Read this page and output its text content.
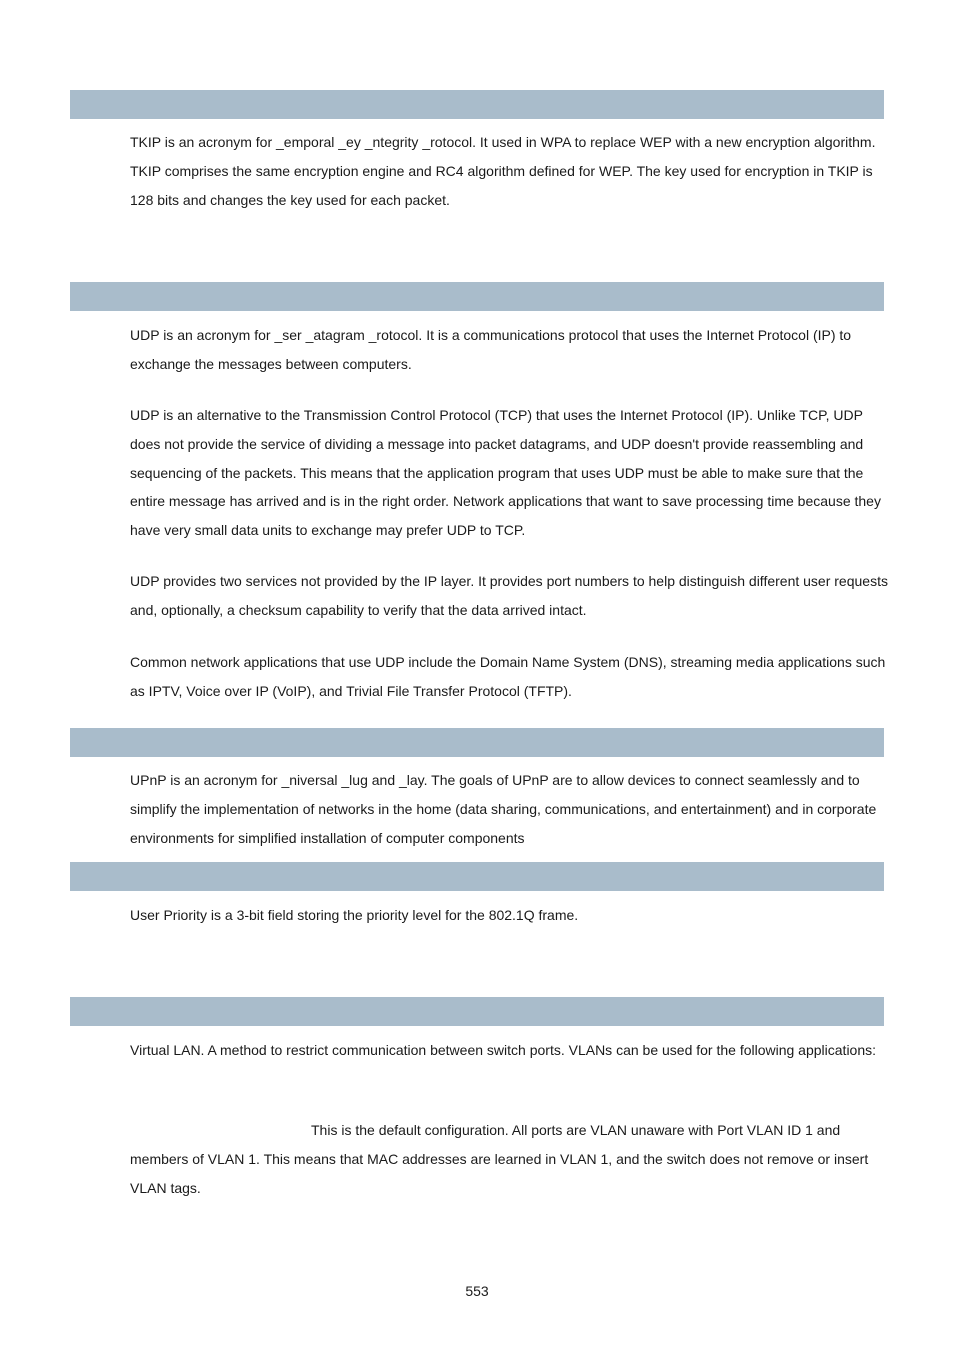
TKIP is an acronym for _emporal _ey _ntegrity _rotocol. It used in WPA to replace WEP with a new encryption algorithm. TKIP comprises the same encryption engine and RC4 algorithm defined for WEP. The key used for encryption in TKIP is 128 bits and changes the key used for each packet.

UDP is an acronym for _ser _atagram _rotocol. It is a communications protocol that uses the Internet Protocol (IP) to exchange the messages between computers.

UDP is an alternative to the Transmission Control Protocol (TCP) that uses the Internet Protocol (IP). Unlike TCP, UDP does not provide the service of dividing a message into packet datagrams, and UDP doesn't provide reassembling and sequencing of the packets. This means that the application program that uses UDP must be able to make sure that the entire message has arrived and is in the right order. Network applications that want to save processing time because they have very small data units to exchange may prefer UDP to TCP.

UDP provides two services not provided by the IP layer. It provides port numbers to help distinguish different user requests and, optionally, a checksum capability to verify that the data arrived intact.

Common network applications that use UDP include the Domain Name System (DNS), streaming media applications such as IPTV, Voice over IP (VoIP), and Trivial File Transfer Protocol (TFTP).

UPnP is an acronym for _niversal _lug and _lay. The goals of UPnP are to allow devices to connect seamlessly and to simplify the implementation of networks in the home (data sharing, communications, and entertainment) and in corporate environments for simplified installation of computer components

User Priority is a 3-bit field storing the priority level for the 802.1Q frame.

Virtual LAN. A method to restrict communication between switch ports. VLANs can be used for the following applications:

This is the default configuration. All ports are VLAN unaware with Port VLAN ID 1 and members of VLAN 1. This means that MAC addresses are learned in VLAN 1, and the switch does not remove or insert VLAN tags.

553
